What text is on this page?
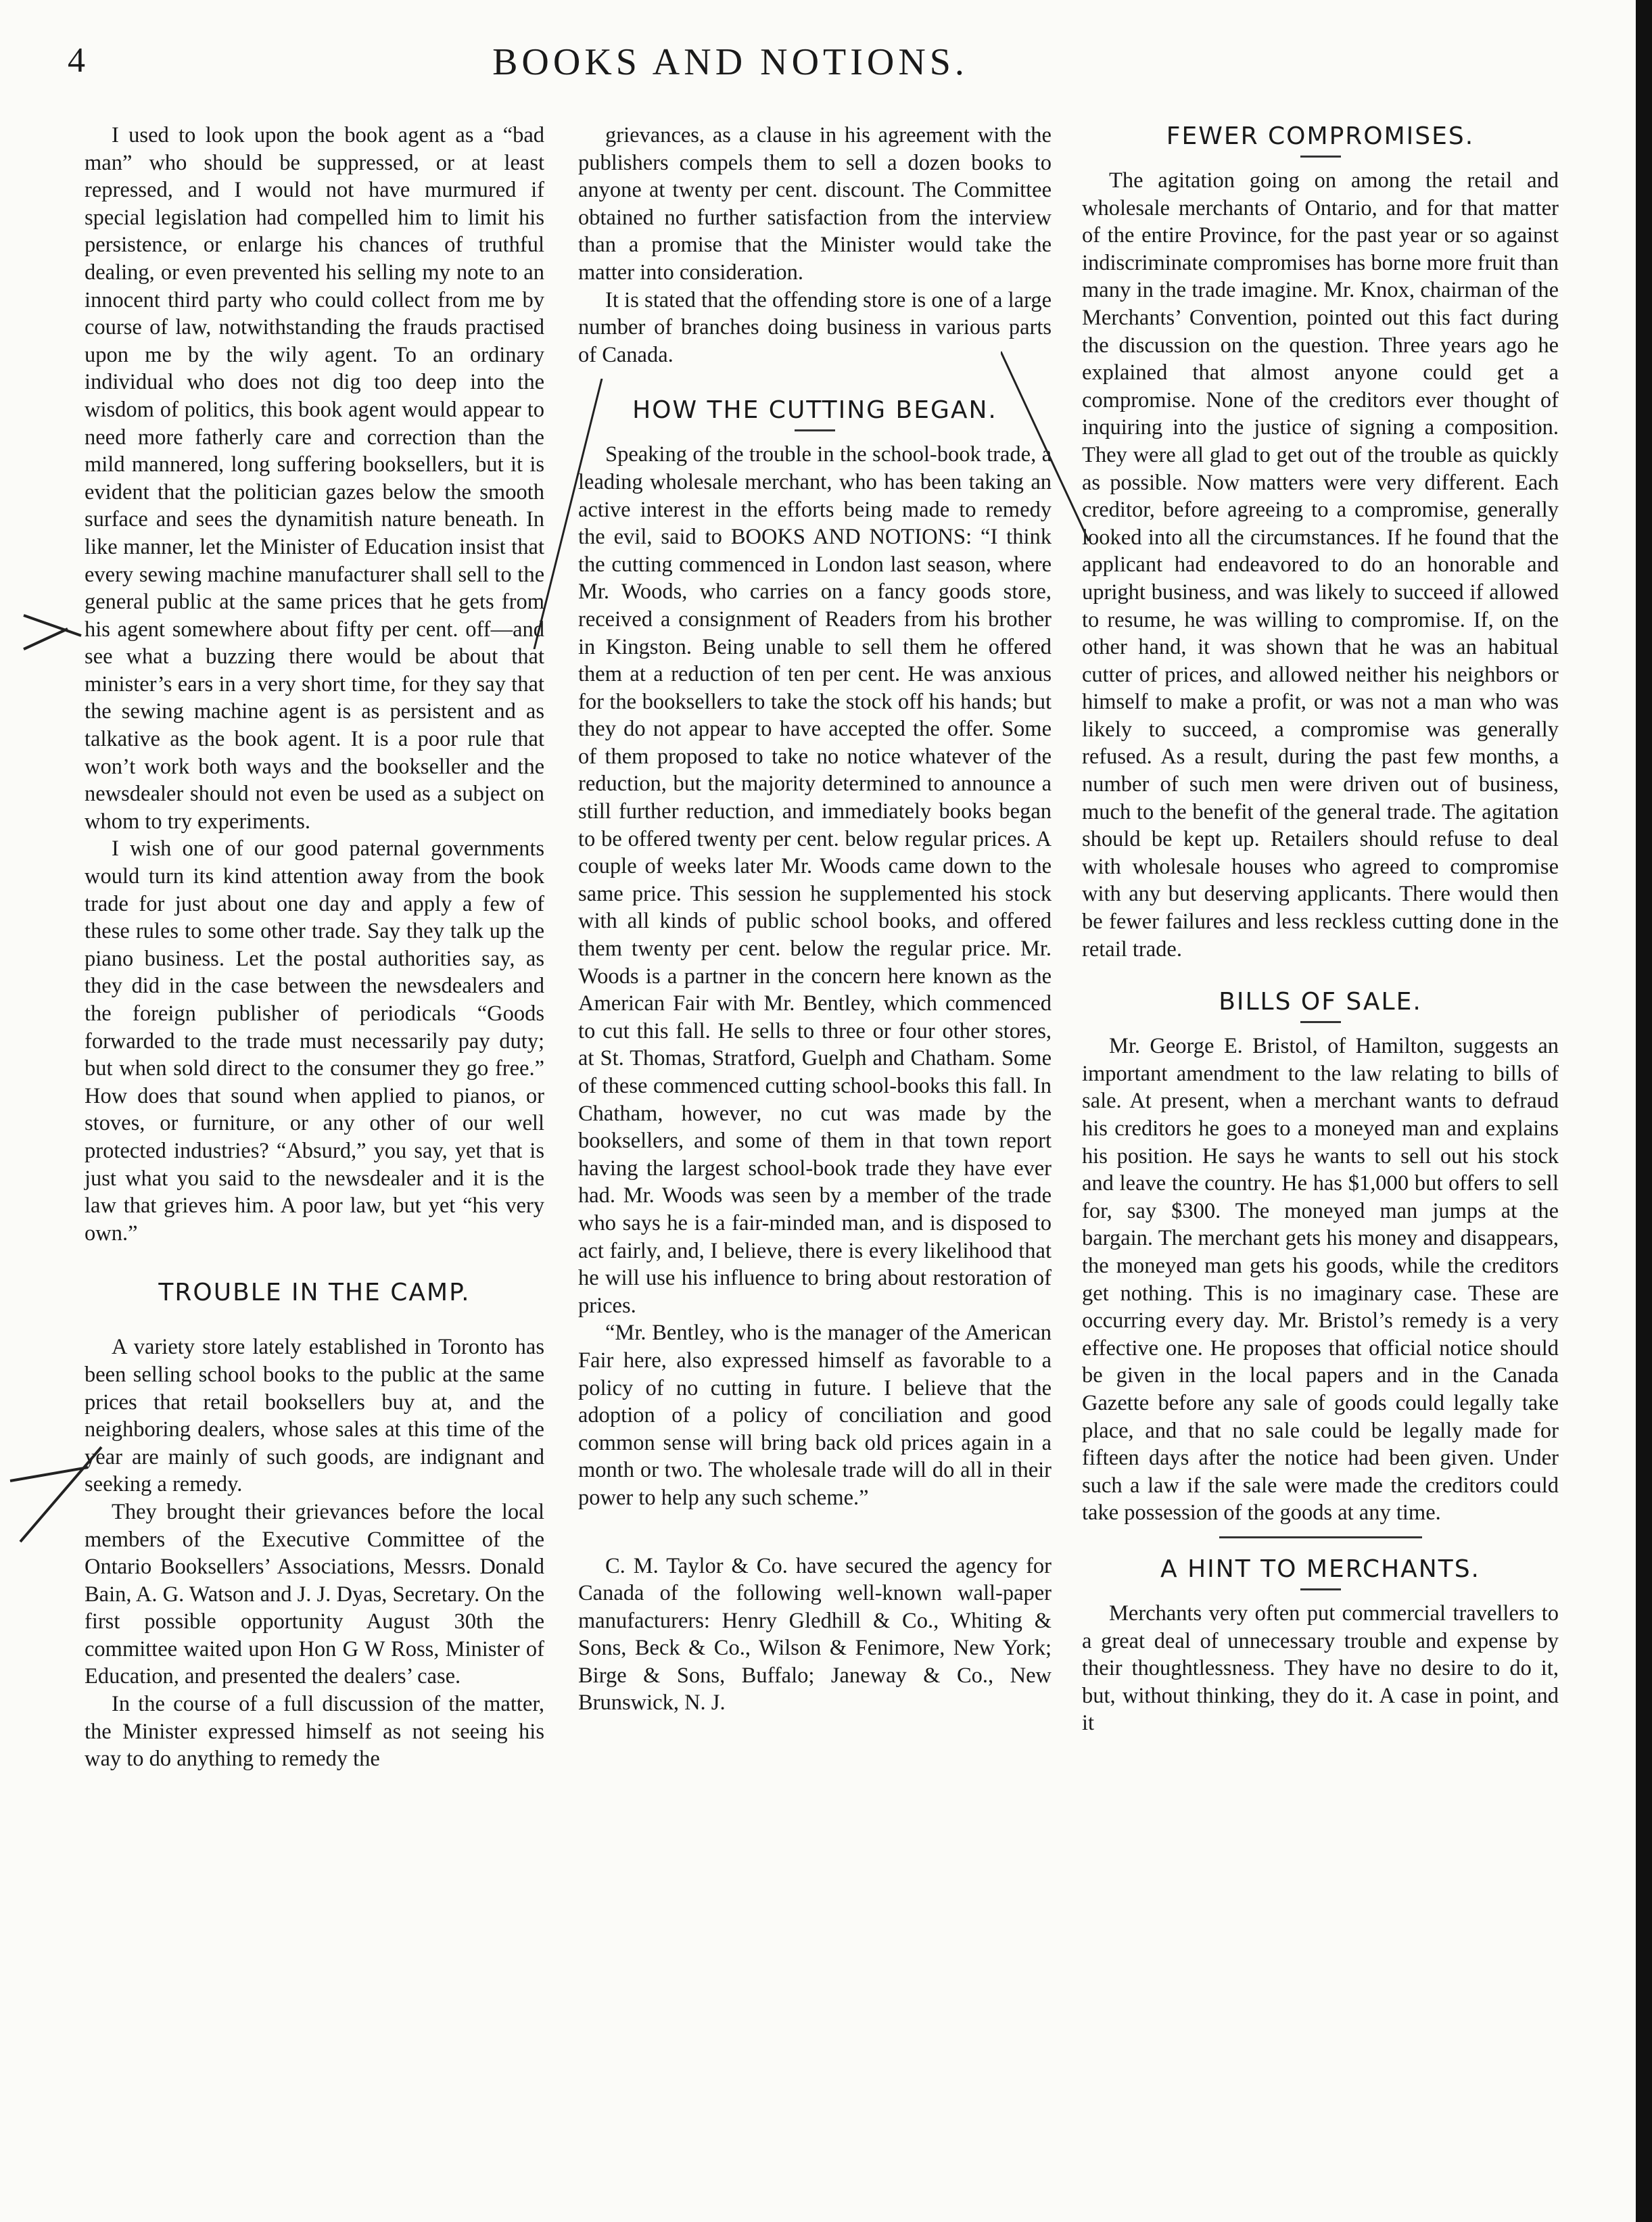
4	BOOKS AND NOTIONS.

I used to look upon the book agent as a “bad man” who should be suppressed, or at least repressed, and I would not have murmured if special legislation had compelled him to limit his persistence, or enlarge his chances of truthful dealing, or even prevented his selling my note to an innocent third party who could collect from me by course of law, notwithstanding the frauds practised upon me by the wily agent. To an ordinary individual who does not dig too deep into the wisdom of politics, this book agent would appear to need more fatherly care and correction than the mild mannered, long suffering booksellers, but it is evident that the politician gazes below the smooth surface and sees the dynamitish nature beneath. In like manner, let the Minister of Education insist that every sewing machine manufacturer shall sell to the general public at the same prices that he gets from his agent somewhere about fifty per cent. off—and see what a buzzing there would be about that minister’s ears in a very short time, for they say that the sewing machine agent is as persistent and as talkative as the book agent. It is a poor rule that won’t work both ways and the bookseller and the newsdealer should not even be used as a subject on whom to try experiments.

I wish one of our good paternal governments would turn its kind attention away from the book trade for just about one day and apply a few of these rules to some other trade. Say they talk up the piano business. Let the postal authorities say, as they did in the case between the newsdealers and the foreign publisher of periodicals “Goods forwarded to the trade must necessarily pay duty; but when sold direct to the consumer they go free.” How does that sound when applied to pianos, or stoves, or furniture, or any other of our well protected industries? “Absurd,” you say, yet that is just what you said to the newsdealer and it is the law that grieves him. A poor law, but yet “his very own.”

TROUBLE IN THE CAMP.

A variety store lately established in Toronto has been selling school books to the public at the same prices that retail booksellers buy at, and the neighboring dealers, whose sales at this time of the year are mainly of such goods, are indignant and seeking a remedy.

They brought their grievances before the local members of the Executive Committee of the Ontario Booksellers’ Associations, Messrs. Donald Bain, A. G. Watson and J. J. Dyas, Secretary. On the first possible opportunity August 30th the committee waited upon Hon G W Ross, Minister of Education, and presented the dealers’ case.

In the course of a full discussion of the matter, the Minister expressed himself as not seeing his way to do anything to remedy the

grievances, as a clause in his agreement with the publishers compels them to sell a dozen books to anyone at twenty per cent. discount. The Committee obtained no further satisfaction from the interview than a promise that the Minister would take the matter into consideration.

It is stated that the offending store is one of a large number of branches doing business in various parts of Canada.

HOW THE CUTTING BEGAN.

Speaking of the trouble in the school-book trade, a leading wholesale merchant, who has been taking an active interest in the efforts being made to remedy the evil, said to BOOKS AND NOTIONS: “I think the cutting commenced in London last season, where Mr. Woods, who carries on a fancy goods store, received a consignment of Readers from his brother in Kingston. Being unable to sell them he offered them at a reduction of ten per cent. He was anxious for the booksellers to take the stock off his hands; but they do not appear to have accepted the offer. Some of them proposed to take no notice whatever of the reduction, but the majority determined to announce a still further reduction, and immediately books began to be offered twenty per cent. below regular prices. A couple of weeks later Mr. Woods came down to the same price. This session he supplemented his stock with all kinds of public school books, and offered them twenty per cent. below the regular price. Mr. Woods is a partner in the concern here known as the American Fair with Mr. Bentley, which commenced to cut this fall. He sells to three or four other stores, at St. Thomas, Stratford, Guelph and Chatham. Some of these commenced cutting school-books this fall. In Chatham, however, no cut was made by the booksellers, and some of them in that town report having the largest school-book trade they have ever had. Mr. Woods was seen by a member of the trade who says he is a fair-minded man, and is disposed to act fairly, and, I believe, there is every likelihood that he will use his influence to bring about restoration of prices.

“Mr. Bentley, who is the manager of the American Fair here, also expressed himself as favorable to a policy of no cutting in future. I believe that the adoption of a policy of conciliation and good common sense will bring back old prices again in a month or two. The wholesale trade will do all in their power to help any such scheme.”

C. M. Taylor & Co. have secured the agency for Canada of the following well-known wall-paper manufacturers: Henry Gledhill & Co., Whiting & Sons, Beck & Co., Wilson & Fenimore, New York; Birge & Sons, Buffalo; Janeway & Co., New Brunswick, N. J.

FEWER COMPROMISES.

The agitation going on among the retail and wholesale merchants of Ontario, and for that matter of the entire Province, for the past year or so against indiscriminate compromises has borne more fruit than many in the trade imagine. Mr. Knox, chairman of the Merchants’ Convention, pointed out this fact during the discussion on the question. Three years ago he explained that almost anyone could get a compromise. None of the creditors ever thought of inquiring into the justice of signing a composition. They were all glad to get out of the trouble as quickly as possible. Now matters were very different. Each creditor, before agreeing to a compromise, generally looked into all the circumstances. If he found that the applicant had endeavored to do an honorable and upright business, and was likely to succeed if allowed to resume, he was willing to compromise. If, on the other hand, it was shown that he was an habitual cutter of prices, and allowed neither his neighbors or himself to make a profit, or was not a man who was likely to succeed, a compromise was generally refused. As a result, during the past few months, a number of such men were driven out of business, much to the benefit of the general trade. The agitation should be kept up. Retailers should refuse to deal with wholesale houses who agreed to compromise with any but deserving applicants. There would then be fewer failures and less reckless cutting done in the retail trade.

BILLS OF SALE.

Mr. George E. Bristol, of Hamilton, suggests an important amendment to the law relating to bills of sale. At present, when a merchant wants to defraud his creditors he goes to a moneyed man and explains his position. He says he wants to sell out his stock and leave the country. He has $1,000 but offers to sell for, say $300. The moneyed man jumps at the bargain. The merchant gets his money and disappears, the moneyed man gets his goods, while the creditors get nothing. This is no imaginary case. These are occurring every day. Mr. Bristol’s remedy is a very effective one. He proposes that official notice should be given in the local papers and in the Canada Gazette before any sale of goods could legally take place, and that no sale could be legally made for fifteen days after the notice had been given. Under such a law if the sale were made the creditors could take possession of the goods at any time.

A HINT TO MERCHANTS.

Merchants very often put commercial travellers to a great deal of unnecessary trouble and expense by their thoughtlessness. They have no desire to do it, but, without thinking, they do it. A case in point, and it
